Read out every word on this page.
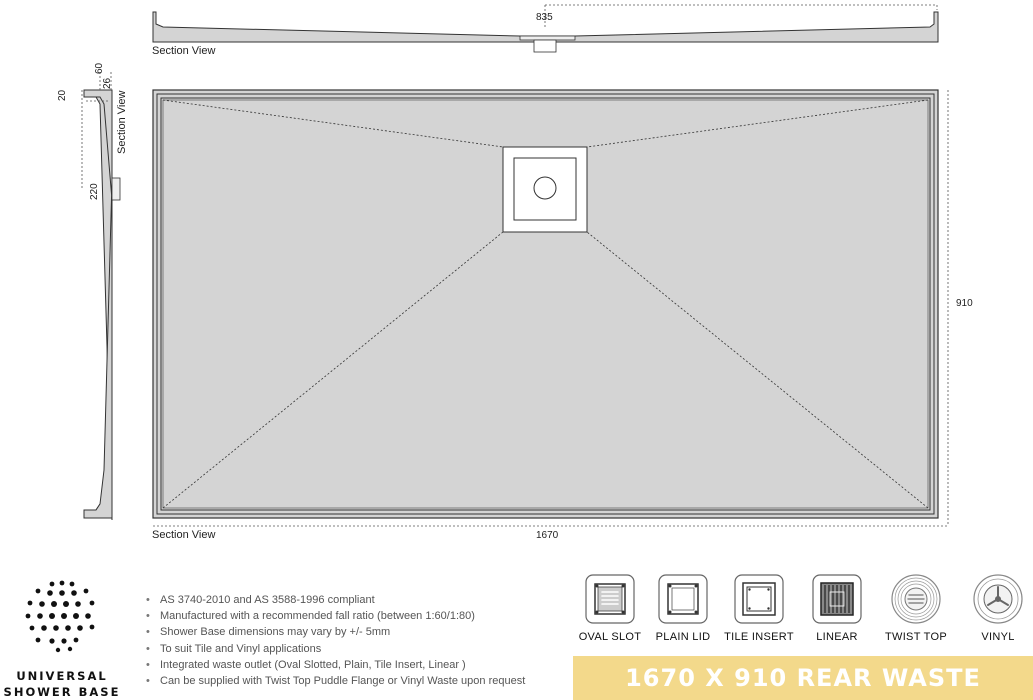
835
Section View
60
26
20
220
Section View
910
1670
Section View
UNIVERSAL
SHOWER BASE
• AS 3740-2010 and AS 3588-1996 compliant
• Manufactured with a recommended fall ratio (between 1:60/1:80)
• Shower Base dimensions may vary by +/- 5mm
• To suit Tile and Vinyl applications
• Integrated waste outlet (Oval Slotted, Plain, Tile Insert, Linear )
• Can be supplied with Twist Top Puddle Flange or Vinyl Waste upon request
OVAL SLOT	PLAIN LID	TILE INSERT	LINEAR	TWIST TOP	VINYL
1670 X 910 REAR WASTE
